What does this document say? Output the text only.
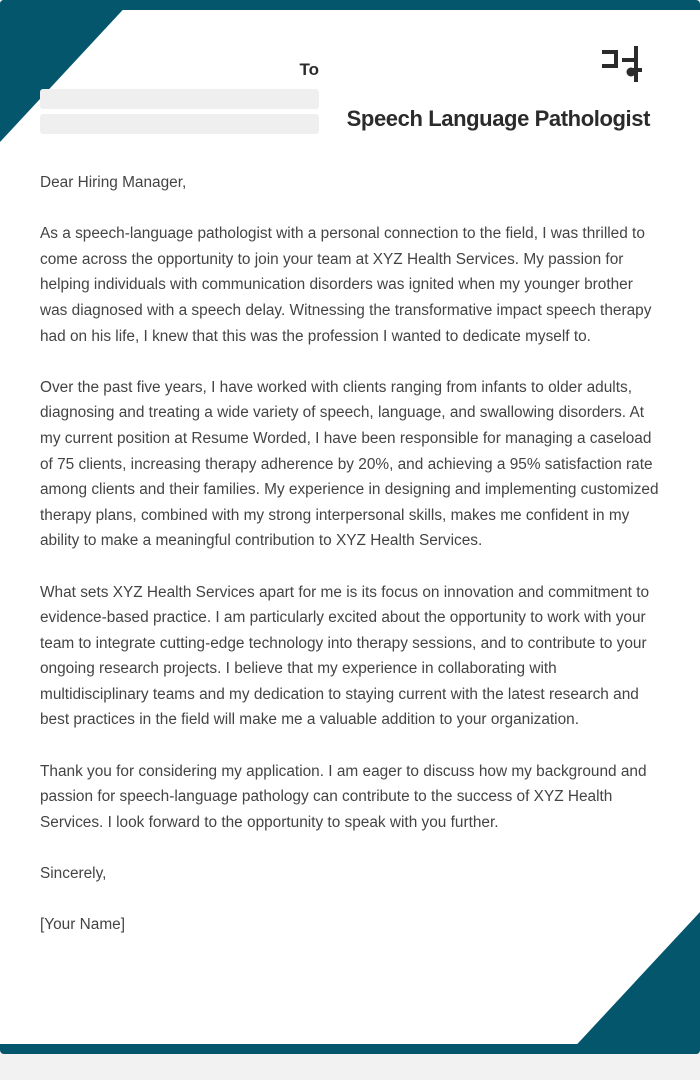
To
Speech Language Pathologist

Dear Hiring Manager,

As a speech-language pathologist with a personal connection to the field, I was thrilled to come across the opportunity to join your team at XYZ Health Services. My passion for helping individuals with communication disorders was ignited when my younger brother was diagnosed with a speech delay. Witnessing the transformative impact speech therapy had on his life, I knew that this was the profession I wanted to dedicate myself to.

Over the past five years, I have worked with clients ranging from infants to older adults, diagnosing and treating a wide variety of speech, language, and swallowing disorders. At my current position at Resume Worded, I have been responsible for managing a caseload of 75 clients, increasing therapy adherence by 20%, and achieving a 95% satisfaction rate among clients and their families. My experience in designing and implementing customized therapy plans, combined with my strong interpersonal skills, makes me confident in my ability to make a meaningful contribution to XYZ Health Services.

What sets XYZ Health Services apart for me is its focus on innovation and commitment to evidence-based practice. I am particularly excited about the opportunity to work with your team to integrate cutting-edge technology into therapy sessions, and to contribute to your ongoing research projects. I believe that my experience in collaborating with multidisciplinary teams and my dedication to staying current with the latest research and best practices in the field will make me a valuable addition to your organization.

Thank you for considering my application. I am eager to discuss how my background and passion for speech-language pathology can contribute to the success of XYZ Health Services. I look forward to the opportunity to speak with you further.

Sincerely,

[Your Name]
